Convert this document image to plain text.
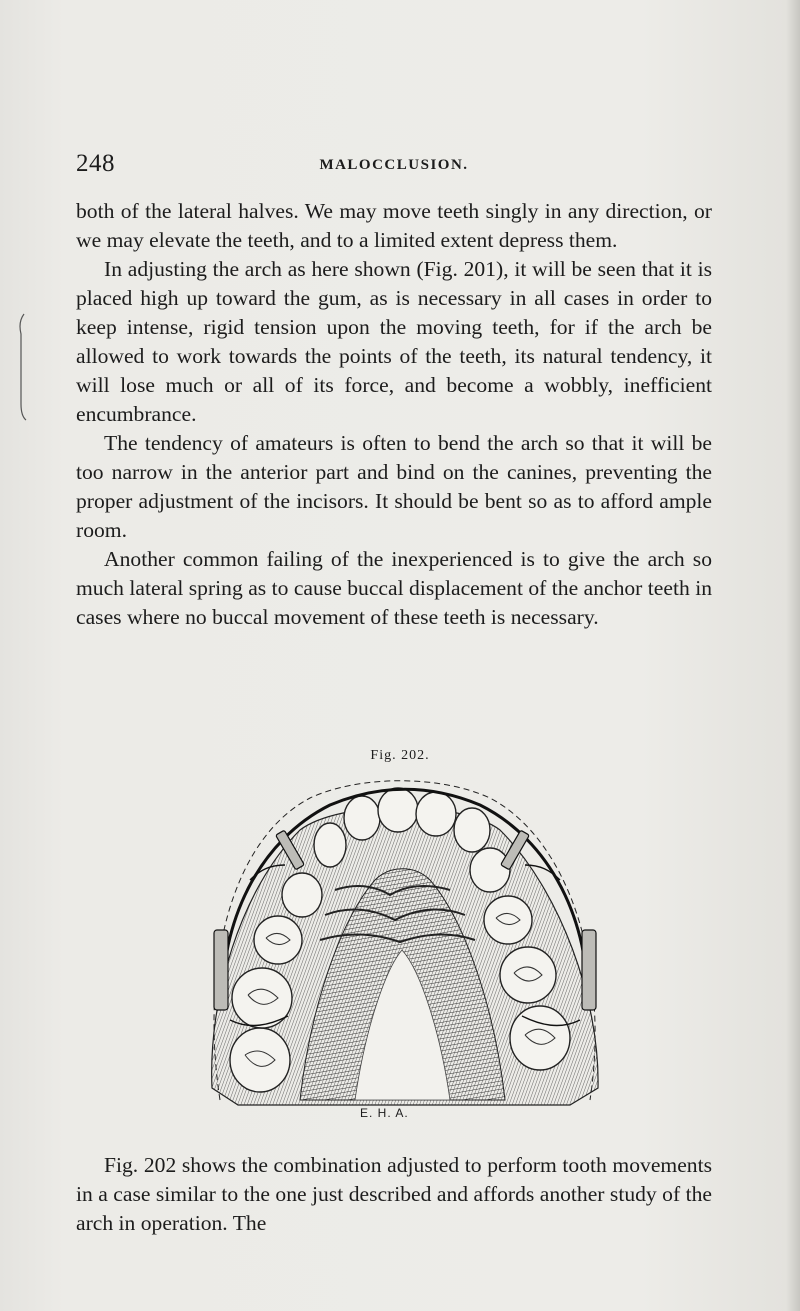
248	MALOCCLUSION.

both of the lateral halves. We may move teeth singly in any direction, or we may elevate the teeth, and to a limited extent depress them.

In adjusting the arch as here shown (Fig. 201), it will be seen that it is placed high up toward the gum, as is necessary in all cases in order to keep intense, rigid tension upon the moving teeth, for if the arch be allowed to work towards the points of the teeth, its natural tendency, it will lose much or all of its force, and become a wobbly, inefficient encumbrance.

The tendency of amateurs is often to bend the arch so that it will be too narrow in the anterior part and bind on the canines, preventing the proper adjustment of the incisors. It should be bent so as to afford ample room.

Another common failing of the inexperienced is to give the arch so much lateral spring as to cause buccal displacement of the anchor teeth in cases where no buccal movement of these teeth is necessary.

Fig. 202.
E. H. A.

Fig. 202 shows the combination adjusted to perform tooth movements in a case similar to the one just described and affords another study of the arch in operation. The
